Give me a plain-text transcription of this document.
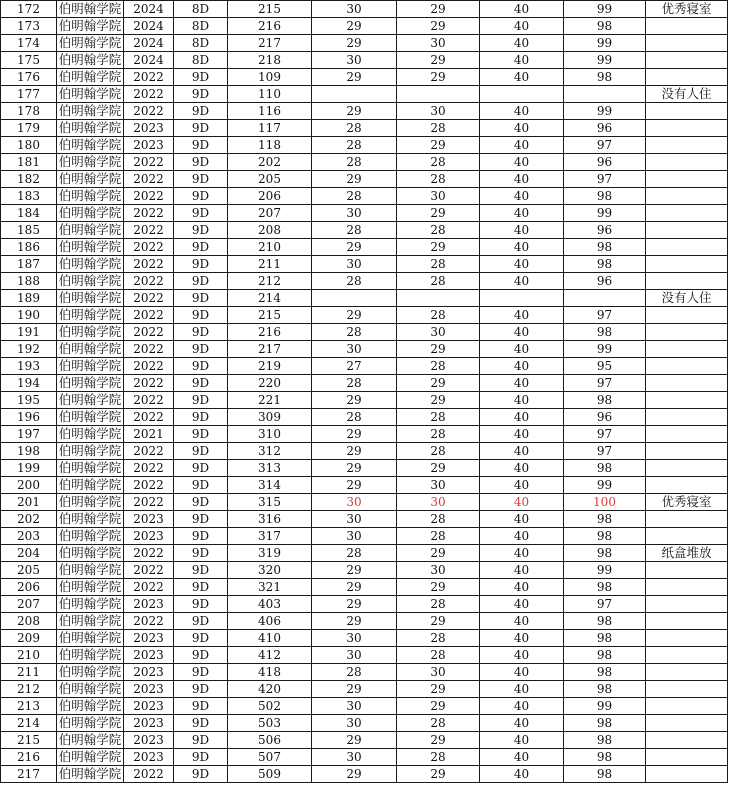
172	伯明翰学院	2024	8D	215	30	29	40	99	优秀寝室
173	伯明翰学院	2024	8D	216	29	29	40	98	
174	伯明翰学院	2024	8D	217	29	30	40	99	
175	伯明翰学院	2024	8D	218	30	29	40	99	
176	伯明翰学院	2022	9D	109	29	29	40	98	
177	伯明翰学院	2022	9D	110					没有人住
178	伯明翰学院	2022	9D	116	29	30	40	99	
179	伯明翰学院	2023	9D	117	28	28	40	96	
180	伯明翰学院	2023	9D	118	28	29	40	97	
181	伯明翰学院	2022	9D	202	28	28	40	96	
182	伯明翰学院	2022	9D	205	29	28	40	97	
183	伯明翰学院	2022	9D	206	28	30	40	98	
184	伯明翰学院	2022	9D	207	30	29	40	99	
185	伯明翰学院	2022	9D	208	28	28	40	96	
186	伯明翰学院	2022	9D	210	29	29	40	98	
187	伯明翰学院	2022	9D	211	30	28	40	98	
188	伯明翰学院	2022	9D	212	28	28	40	96	
189	伯明翰学院	2022	9D	214					没有人住
190	伯明翰学院	2022	9D	215	29	28	40	97	
191	伯明翰学院	2022	9D	216	28	30	40	98	
192	伯明翰学院	2022	9D	217	30	29	40	99	
193	伯明翰学院	2022	9D	219	27	28	40	95	
194	伯明翰学院	2022	9D	220	28	29	40	97	
195	伯明翰学院	2022	9D	221	29	29	40	98	
196	伯明翰学院	2022	9D	309	28	28	40	96	
197	伯明翰学院	2021	9D	310	29	28	40	97	
198	伯明翰学院	2022	9D	312	29	28	40	97	
199	伯明翰学院	2022	9D	313	29	29	40	98	
200	伯明翰学院	2022	9D	314	29	30	40	99	
201	伯明翰学院	2022	9D	315	30	30	40	100	优秀寝室
202	伯明翰学院	2023	9D	316	30	28	40	98	
203	伯明翰学院	2023	9D	317	30	28	40	98	
204	伯明翰学院	2022	9D	319	28	29	40	98	纸盒堆放
205	伯明翰学院	2022	9D	320	29	30	40	99	
206	伯明翰学院	2022	9D	321	29	29	40	98	
207	伯明翰学院	2023	9D	403	29	28	40	97	
208	伯明翰学院	2022	9D	406	29	29	40	98	
209	伯明翰学院	2023	9D	410	30	28	40	98	
210	伯明翰学院	2023	9D	412	30	28	40	98	
211	伯明翰学院	2023	9D	418	28	30	40	98	
212	伯明翰学院	2023	9D	420	29	29	40	98	
213	伯明翰学院	2023	9D	502	30	29	40	99	
214	伯明翰学院	2023	9D	503	30	28	40	98	
215	伯明翰学院	2023	9D	506	29	29	40	98	
216	伯明翰学院	2023	9D	507	30	28	40	98	
217	伯明翰学院	2022	9D	509	29	29	40	98	
